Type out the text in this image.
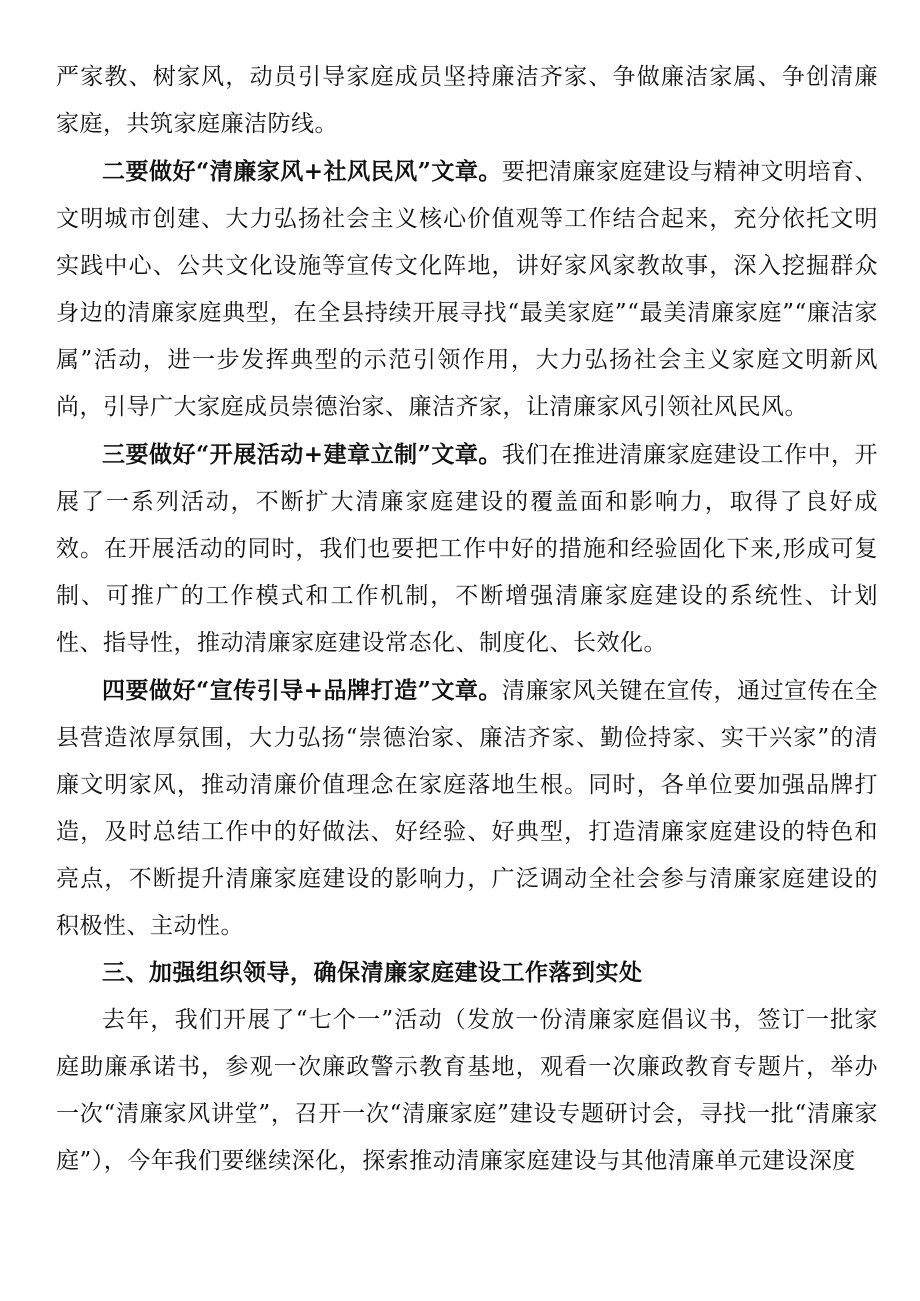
严家教、树家风，动员引导家庭成员坚持廉洁齐家、争做廉洁家属、争创清廉家庭，共筑家庭廉洁防线。

二要做好“清廉家风+社风民风”文章。要把清廉家庭建设与精神文明培育、文明城市创建、大力弘扬社会主义核心价值观等工作结合起来，充分依托文明实践中心、公共文化设施等宣传文化阵地，讲好家风家教故事，深入挖掘群众身边的清廉家庭典型，在全县持续开展寻找“最美家庭”“最美清廉家庭”“廉洁家属”活动，进一步发挥典型的示范引领作用，大力弘扬社会主义家庭文明新风尚，引导广大家庭成员崇德治家、廉洁齐家，让清廉家风引领社风民风。

三要做好“开展活动+建章立制”文章。我们在推进清廉家庭建设工作中，开展了一系列活动，不断扩大清廉家庭建设的覆盖面和影响力，取得了良好成效。在开展活动的同时，我们也要把工作中好的措施和经验固化下来,形成可复制、可推广的工作模式和工作机制，不断增强清廉家庭建设的系统性、计划性、指导性，推动清廉家庭建设常态化、制度化、长效化。

四要做好“宣传引导+品牌打造”文章。清廉家风关键在宣传，通过宣传在全县营造浓厚氛围，大力弘扬“崇德治家、廉洁齐家、勤俭持家、实干兴家”的清廉文明家风，推动清廉价值理念在家庭落地生根。同时，各单位要加强品牌打造，及时总结工作中的好做法、好经验、好典型，打造清廉家庭建设的特色和亮点，不断提升清廉家庭建设的影响力，广泛调动全社会参与清廉家庭建设的积极性、主动性。

三、加强组织领导，确保清廉家庭建设工作落到实处

去年，我们开展了“七个一”活动（发放一份清廉家庭倡议书，签订一批家庭助廉承诺书，参观一次廉政警示教育基地，观看一次廉政教育专题片，举办一次“清廉家风讲堂”，召开一次“清廉家庭”建设专题研讨会，寻找一批“清廉家庭”），今年我们要继续深化，探索推动清廉家庭建设与其他清廉单元建设深度
